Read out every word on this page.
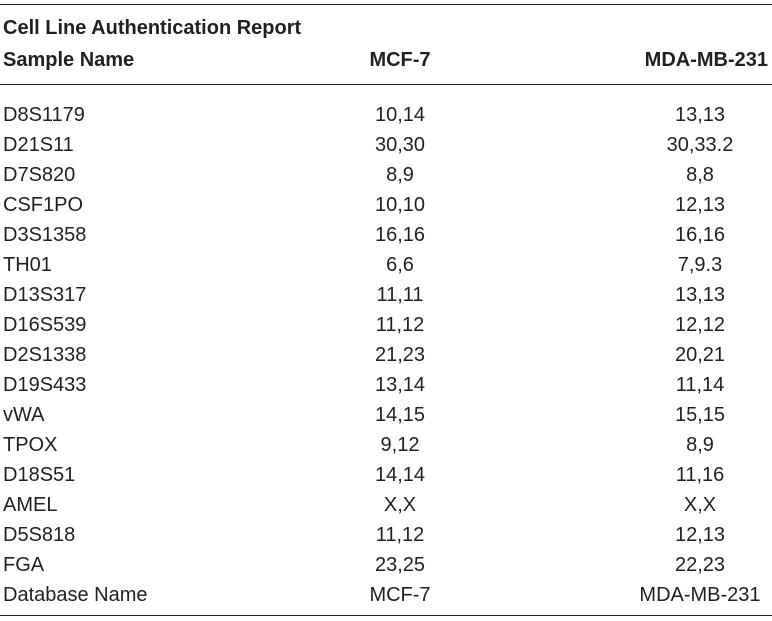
Cell Line Authentication Report
Sample Name	MCF-7	MDA-MB-231
D8S1179	10,14	13,13
D21S11	30,30	30,33.2
D7S820	8,9	8,8
CSF1PO	10,10	12,13
D3S1358	16,16	16,16
TH01	6,6	7,9.3
D13S317	11,11	13,13
D16S539	11,12	12,12
D2S1338	21,23	20,21
D19S433	13,14	11,14
vWA	14,15	15,15
TPOX	9,12	8,9
D18S51	14,14	11,16
AMEL	X,X	X,X
D5S818	11,12	12,13
FGA	23,25	22,23
Database Name	MCF-7	MDA-MB-231
